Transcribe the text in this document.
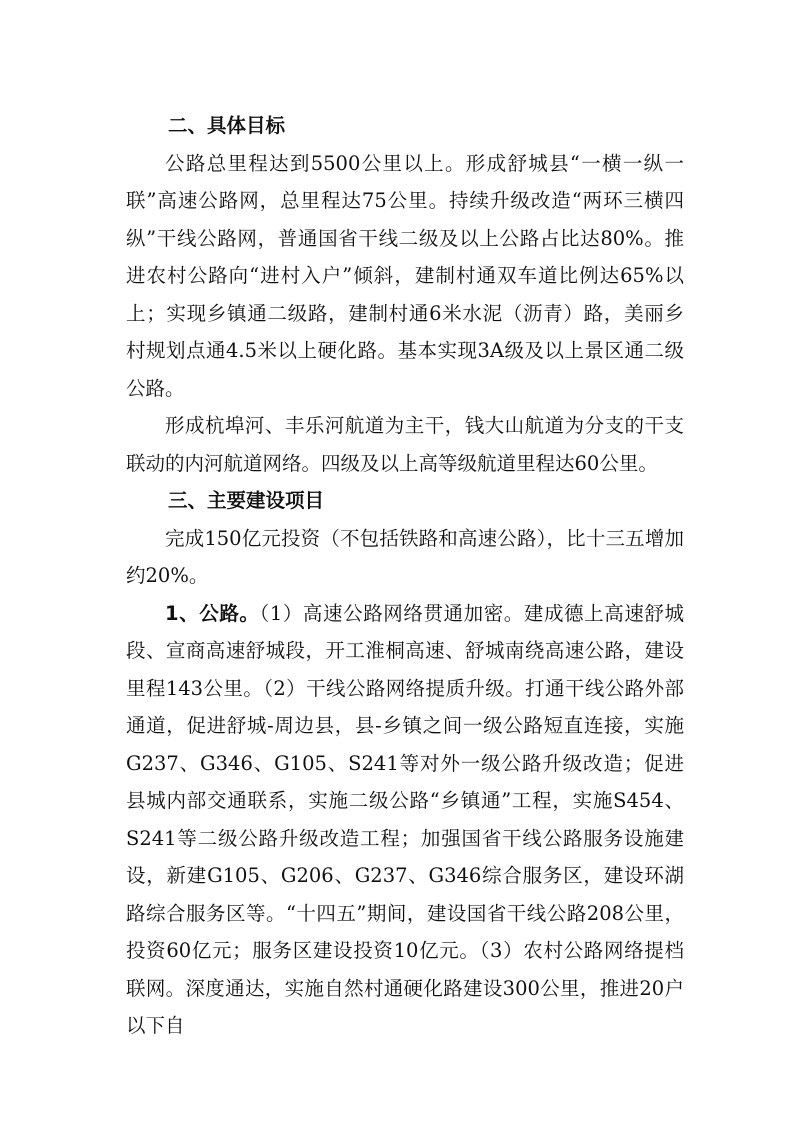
二、具体目标

公路总里程达到5500公里以上。形成舒城县“一横一纵一联”高速公路网，总里程达75公里。持续升级改造“两环三横四纵”干线公路网，普通国省干线二级及以上公路占比达80%。推进农村公路向“进村入户”倾斜，建制村通双车道比例达65%以上；实现乡镇通二级路，建制村通6米水泥（沥青）路，美丽乡村规划点通4.5米以上硬化路。基本实现3A级及以上景区通二级公路。

形成杭埠河、丰乐河航道为主干，钱大山航道为分支的干支联动的内河航道网络。四级及以上高等级航道里程达60公里。

三、主要建设项目

完成150亿元投资（不包括铁路和高速公路），比十三五增加约20%。

1、公路。（1）高速公路网络贯通加密。建成德上高速舒城段、宣商高速舒城段，开工淮桐高速、舒城南绕高速公路，建设里程143公里。（2）干线公路网络提质升级。打通干线公路外部通道，促进舒城-周边县，县-乡镇之间一级公路短直连接，实施G237、G346、G105、S241等对外一级公路升级改造；促进县城内部交通联系，实施二级公路“乡镇通”工程，实施S454、S241等二级公路升级改造工程；加强国省干线公路服务设施建设，新建G105、G206、G237、G346综合服务区，建设环湖路综合服务区等。“十四五”期间，建设国省干线公路208公里，投资60亿元；服务区建设投资10亿元。（3）农村公路网络提档联网。深度通达，实施自然村通硬化路建设300公里，推进20户以下自
